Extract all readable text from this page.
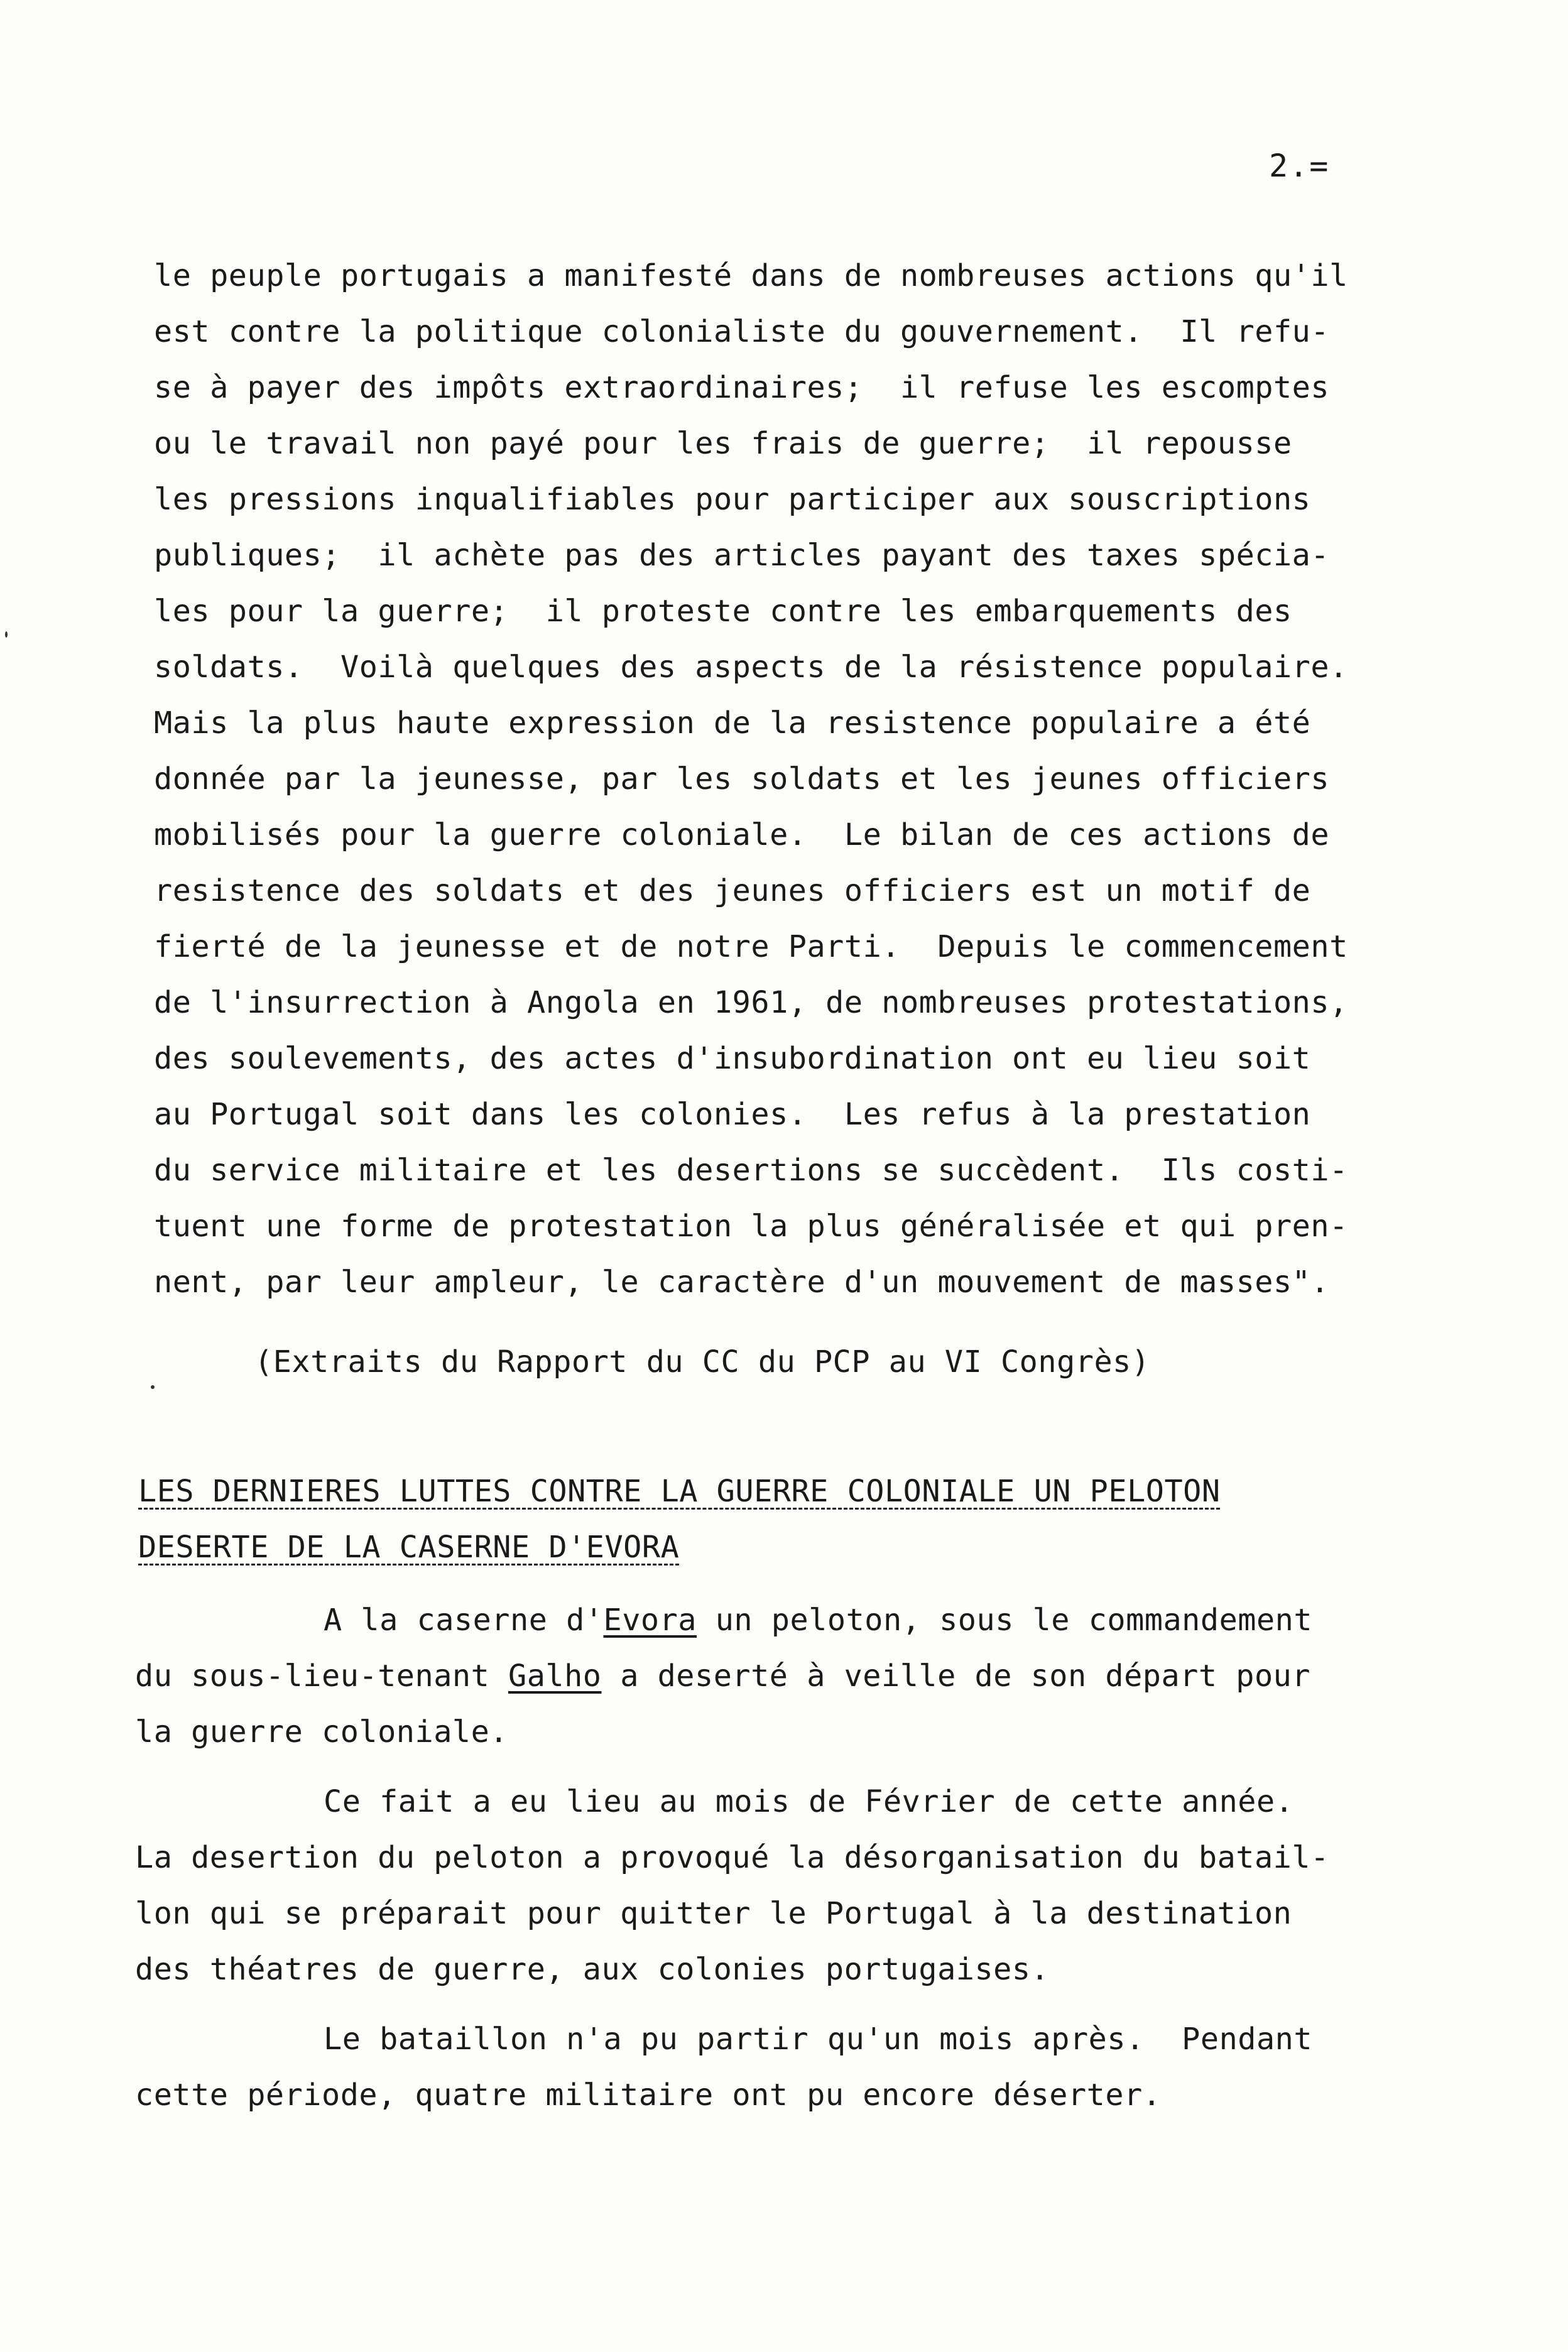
2.=
le peuple portugais a manifesté dans de nombreuses actions qu'il
est contre la politique colonialiste du gouvernement.  Il refu-
se à payer des impôts extraordinaires;  il refuse les escomptes
ou le travail non payé pour les frais de guerre;  il repousse
les pressions inqualifiables pour participer aux souscriptions
publiques;  il achète pas des articles payant des taxes spécia-
les pour la guerre;  il proteste contre les embarquements des
soldats.  Voilà quelques des aspects de la résistence populaire.
Mais la plus haute expression de la resistence populaire a été
donnée par la jeunesse, par les soldats et les jeunes officiers
mobilisés pour la guerre coloniale.  Le bilan de ces actions de
resistence des soldats et des jeunes officiers est un motif de
fierté de la jeunesse et de notre Parti.  Depuis le commencement
de l'insurrection à Angola en 1961, de nombreuses protestations,
des soulevements, des actes d'insubordination ont eu lieu soit
au Portugal soit dans les colonies.  Les refus à la prestation
du service militaire et les desertions se succèdent.  Ils costi-
tuent une forme de protestation la plus généralisée et qui pren-
nent, par leur ampleur, le caractère d'un mouvement de masses".
(Extraits du Rapport du CC du PCP au VI Congrès)
LES DERNIERES LUTTES CONTRE LA GUERRE COLONIALE UN PELOTON
DESERTE DE LA CASERNE D'EVORA
A la caserne d'Evora un peloton, sous le commandement
du sous-lieu-tenant Galho a deserté à veille de son départ pour
la guerre coloniale.
Ce fait a eu lieu au mois de Février de cette année.
La desertion du peloton a provoqué la désorganisation du batail-
lon qui se préparait pour quitter le Portugal à la destination
des théatres de guerre, aux colonies portugaises.
Le bataillon n'a pu partir qu'un mois après.  Pendant
cette période, quatre militaire ont pu encore déserter.
